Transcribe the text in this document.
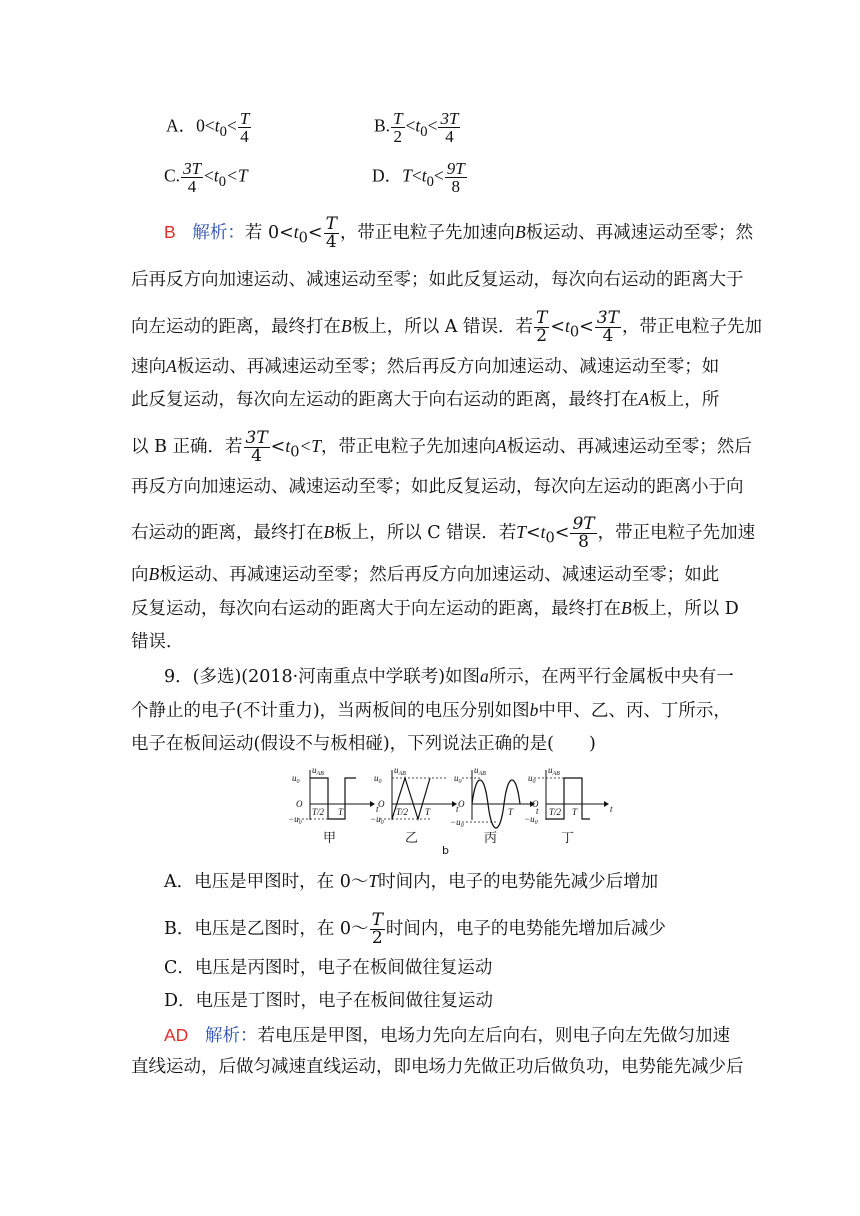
A．$0<t_0< \frac{T}{4}$	B. $\frac{T}{2} <t_0< \frac{3T}{4}$
C. $\frac{3T}{4} <t_0<T$	D．$T<t_0< \frac{9T}{8}$
B 解析：若 $0<t_0< \frac{T}{4}$ ，带正电粒子先加速向B板运动、再减速运动至零；然
后再反方向加速运动、减速运动至零；如此反复运动，每次向右运动的距离大于
向左运动的距离，最终打在B板上，所以 A 错误．若 $\frac{T}{2} <t_0< \frac{3T}{4}$ ，带正电粒子先加
速向A板运动、再减速运动至零；然后再反方向加速运动、减速运动至零；如
此反复运动，每次向左运动的距离大于向右运动的距离，最终打在A板上，所
以 B 正确．若 $\frac{3T}{4} <t_0<T$，带正电粒子先加速向A板运动、再减速运动至零；然后
再反方向加速运动、减速运动至零；如此反复运动，每次向左运动的距离小于向
右运动的距离，最终打在B板上，所以 C 错误．若$T<t_0< \frac{9T}{8}$ ，带正电粒子先加速
向B板运动、再减速运动至零；然后再反方向加速运动、减速运动至零；如此
反复运动，每次向右运动的距离大于向左运动的距离，最终打在B板上，所以 D
错误．
9．(多选)(2018·河南重点中学联考)如图a所示，在两平行金属板中央有一
个静止的电子(不计重力)，当两板间的电压分别如图b中甲、乙、丙、丁所示，
电子在板间运动(假设不与板相碰)，下列说法正确的是(　　)
$u_0$
O
$-u_0$
$u_{AB}$
T/2 T	t
$u_0$
O
$-u_0$
$u_{AB}$
T/2 T	t
$u_0$
O
$-u_0$
$u_{AB}$
T	t
$u_0$
O
$-u_0$
$u_{AB}$
T/2 T	t
甲	乙	丙	丁
b
A．电压是甲图时，在 0～T时间内，电子的电势能先减少后增加
B．电压是乙图时，在 0～ $\frac{T}{2}$ 时间内，电子的电势能先增加后减少
C．电压是丙图时，电子在板间做往复运动
D．电压是丁图时，电子在板间做往复运动
AD 解析：若电压是甲图，电场力先向左后向右，则电子向左先做匀加速
直线运动，后做匀减速直线运动，即电场力先做正功后做负功，电势能先减少后
